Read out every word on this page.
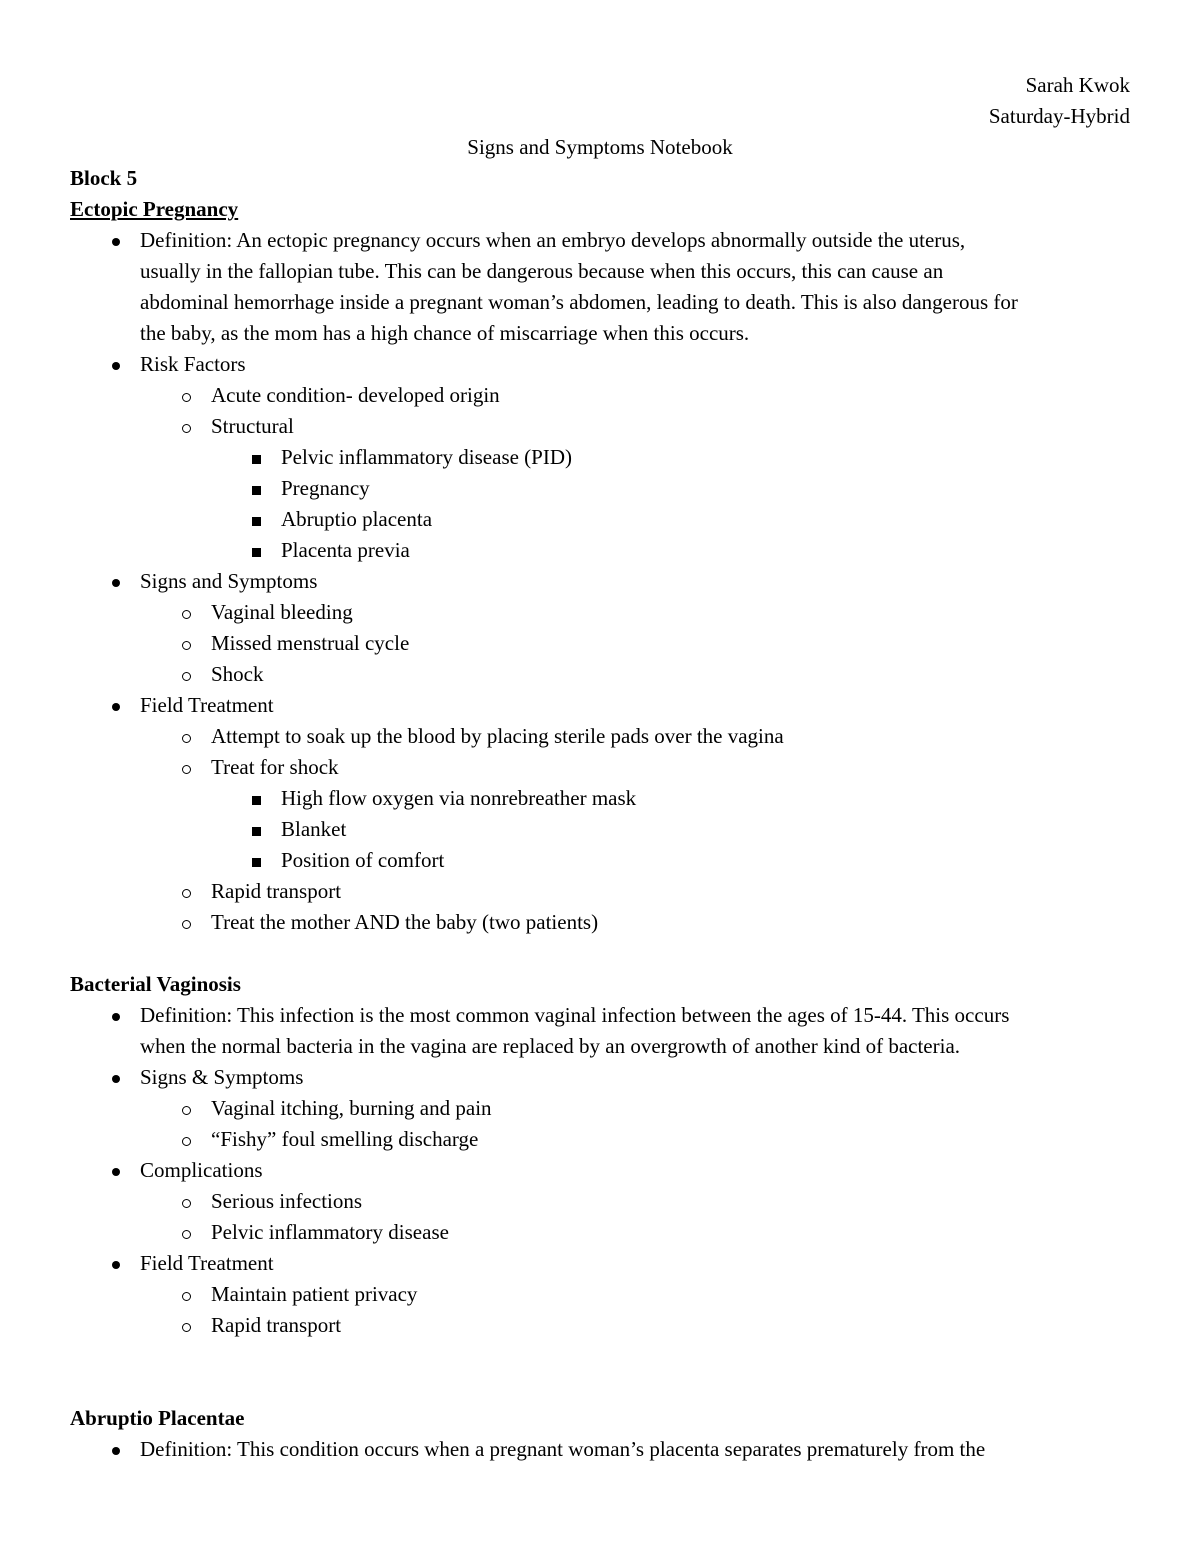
Sarah Kwok
Saturday-Hybrid
Signs and Symptoms Notebook
Block 5
Ectopic Pregnancy
Definition: An ectopic pregnancy occurs when an embryo develops abnormally outside the uterus,
usually in the fallopian tube. This can be dangerous because when this occurs, this can cause an
abdominal hemorrhage inside a pregnant woman’s abdomen, leading to death. This is also dangerous for
the baby, as the mom has a high chance of miscarriage when this occurs.
Risk Factors
Acute condition- developed origin
Structural
Pelvic inflammatory disease (PID)
Pregnancy
Abruptio placenta
Placenta previa
Signs and Symptoms
Vaginal bleeding
Missed menstrual cycle
Shock
Field Treatment
Attempt to soak up the blood by placing sterile pads over the vagina
Treat for shock
High flow oxygen via nonrebreather mask
Blanket
Position of comfort
Rapid transport
Treat the mother AND the baby (two patients)
Bacterial Vaginosis
Definition: This infection is the most common vaginal infection between the ages of 15-44. This occurs
when the normal bacteria in the vagina are replaced by an overgrowth of another kind of bacteria.
Signs & Symptoms
Vaginal itching, burning and pain
“Fishy” foul smelling discharge
Complications
Serious infections
Pelvic inflammatory disease
Field Treatment
Maintain patient privacy
Rapid transport
Abruptio Placentae
Definition: This condition occurs when a pregnant woman’s placenta separates prematurely from the
